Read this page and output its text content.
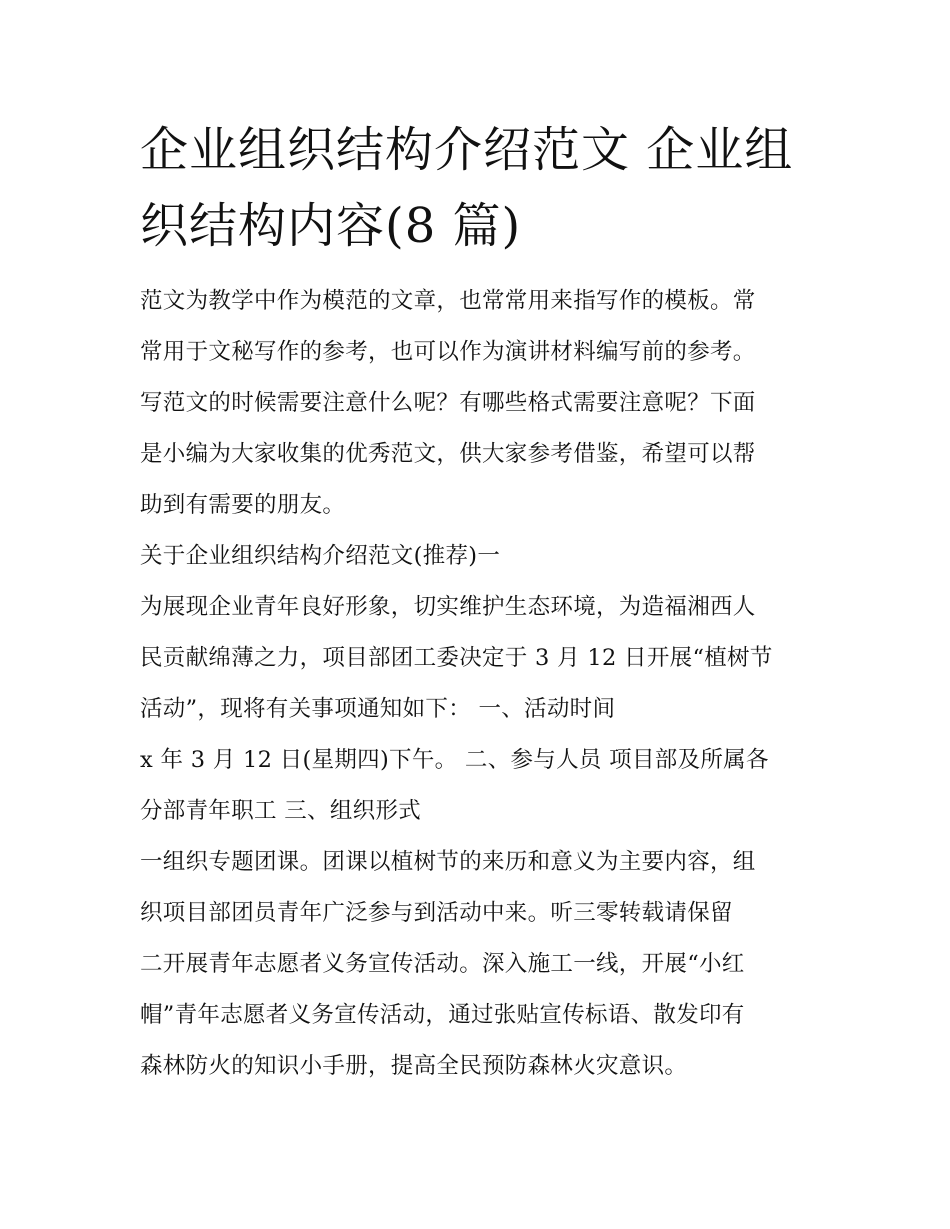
企业组织结构介绍范文 企业组
织结构内容(8 篇)
范文为教学中作为模范的文章，也常常用来指写作的模板。常
常用于文秘写作的参考，也可以作为演讲材料编写前的参考。
写范文的时候需要注意什么呢？有哪些格式需要注意呢？下面
是小编为大家收集的优秀范文，供大家参考借鉴，希望可以帮
助到有需要的朋友。
关于企业组织结构介绍范文(推荐)一
为展现企业青年良好形象，切实维护生态环境，为造福湘西人
民贡献绵薄之力，项目部团工委决定于 3 月 12 日开展“植树节
活动”，现将有关事项通知如下： 一、活动时间
x 年 3 月 12 日(星期四)下午。 二、参与人员 项目部及所属各
分部青年职工 三、组织形式
一组织专题团课。团课以植树节的来历和意义为主要内容，组
织项目部团员青年广泛参与到活动中来。听三零转载请保留
二开展青年志愿者义务宣传活动。深入施工一线，开展“小红
帽”青年志愿者义务宣传活动，通过张贴宣传标语、散发印有
森林防火的知识小手册，提高全民预防森林火灾意识。
